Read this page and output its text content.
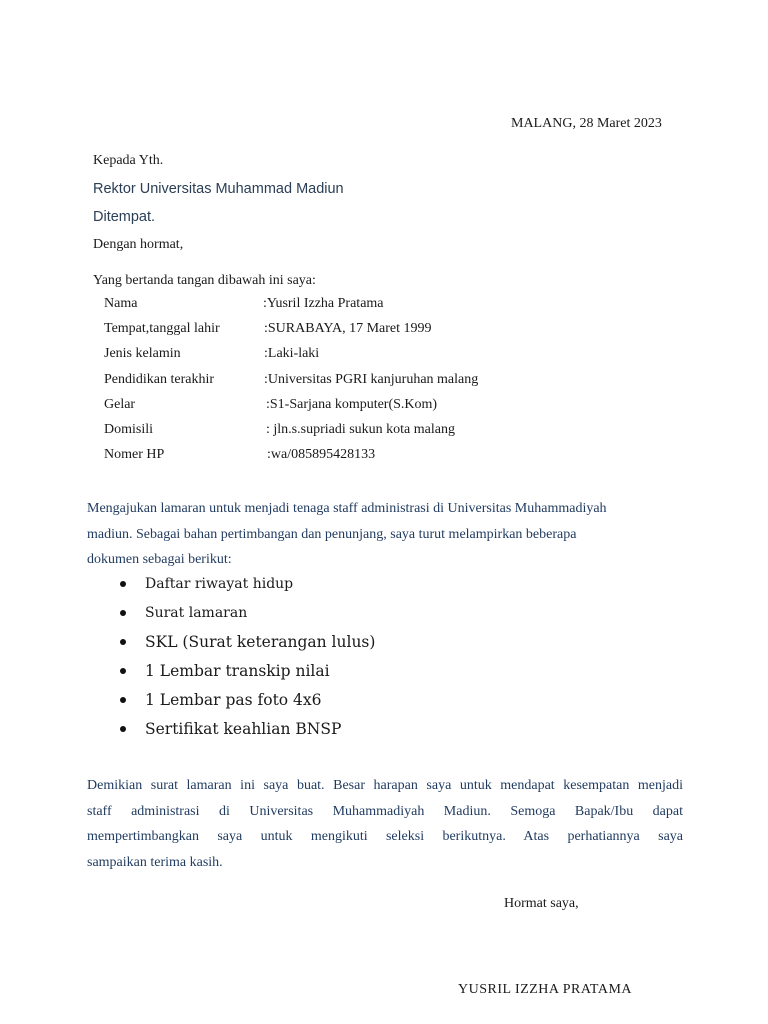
MALANG, 28 Maret 2023
Kepada Yth.
Rektor Universitas Muhammad Madiun
Ditempat.
Dengan hormat,
Yang bertanda tangan dibawah ini saya:
Nama	:Yusril Izzha Pratama
Tempat,tanggal lahir	:SURABAYA, 17 Maret 1999
Jenis kelamin	:Laki-laki
Pendidikan terakhir	:Universitas PGRI kanjuruhan malang
Gelar	:S1-Sarjana komputer(S.Kom)
Domisili	: jln.s.supriadi sukun kota malang
Nomer HP	:wa/085895428133
Mengajukan lamaran untuk menjadi tenaga staff administrasi di Universitas Muhammadiyah
madiun. Sebagai bahan pertimbangan dan penunjang, saya turut melampirkan beberapa
dokumen sebagai berikut:
Daftar riwayat hidup
Surat lamaran
SKL (Surat keterangan lulus)
1 Lembar transkip nilai
1 Lembar pas foto 4x6
Sertifikat keahlian BNSP
Demikian surat lamaran ini saya buat. Besar harapan saya untuk mendapat kesempatan menjadi
staff administrasi di Universitas Muhammadiyah Madiun. Semoga Bapak/Ibu dapat
mempertimbangkan saya untuk mengikuti seleksi berikutnya. Atas perhatiannya saya
sampaikan terima kasih.
Hormat saya,
YUSRIL IZZHA PRATAMA
